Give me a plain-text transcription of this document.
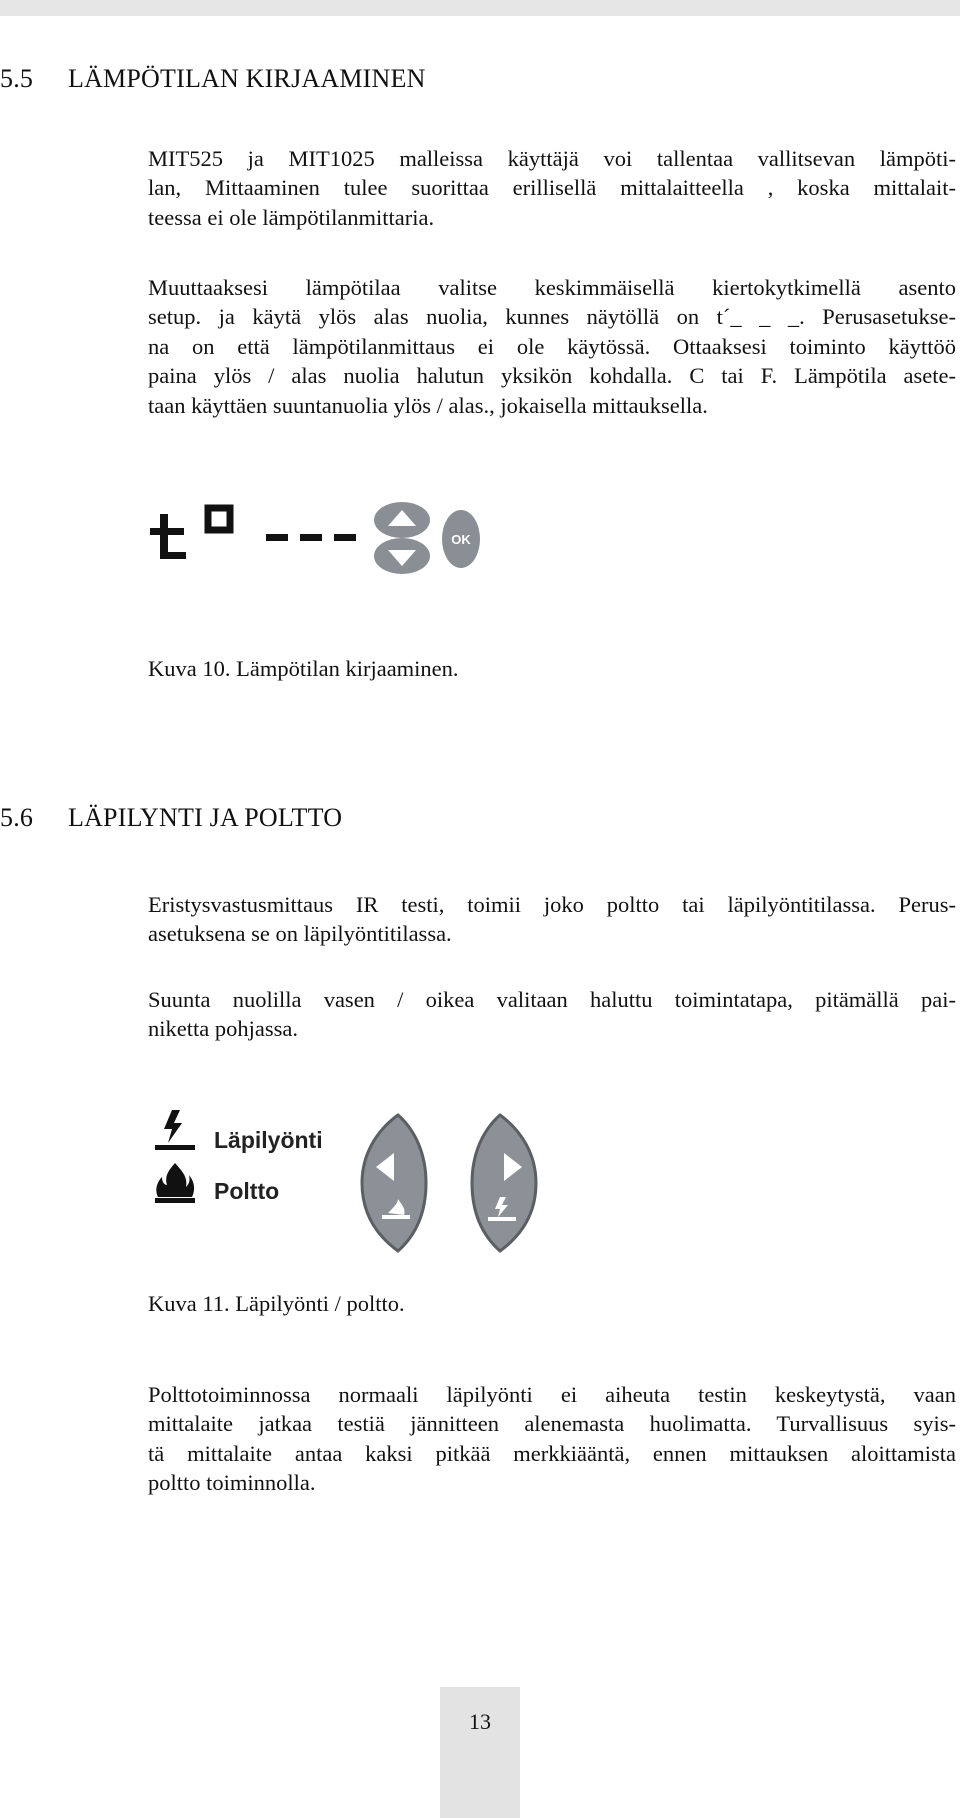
5.5 LÄMPÖTILAN KIRJAAMINEN
MIT525 ja MIT1025 malleissa käyttäjä voi tallentaa vallitsevan lämpöti-
lan, Mittaaminen tulee suorittaa erillisellä mittalaitteella , koska mittalait-
teessa ei ole lämpötilanmittaria.
Muuttaaksesi lämpötilaa valitse keskimmäisellä kiertokytkimellä asento
setup. ja käytä ylös alas nuolia, kunnes näytöllä on t´_ _ _. Perusasetukse-
na on että lämpötilanmittaus ei ole käytössä. Ottaaksesi toiminto käyttöö
paina ylös / alas nuolia halutun yksikön kohdalla. C tai F. Lämpötila asete-
taan käyttäen suuntanuolia ylös / alas., jokaisella mittauksella.
OK
Kuva 10. Lämpötilan kirjaaminen.
5.6 LÄPILYNTI JA POLTTO
Eristysvastusmittaus IR testi, toimii joko poltto tai läpilyöntitilassa. Perus-
asetuksena se on läpilyöntitilassa.
Suunta nuolilla vasen / oikea valitaan haluttu toimintatapa, pitämällä pai-
niketta pohjassa.
Läpilyönti
Poltto
Kuva 11. Läpilyönti / poltto.
Polttotoiminnossa normaali läpilyönti ei aiheuta testin keskeytystä, vaan
mittalaite jatkaa testiä jännitteen alenemasta huolimatta. Turvallisuus syis-
tä mittalaite antaa kaksi pitkää merkkiääntä, ennen mittauksen aloittamista
poltto toiminnolla.
13
